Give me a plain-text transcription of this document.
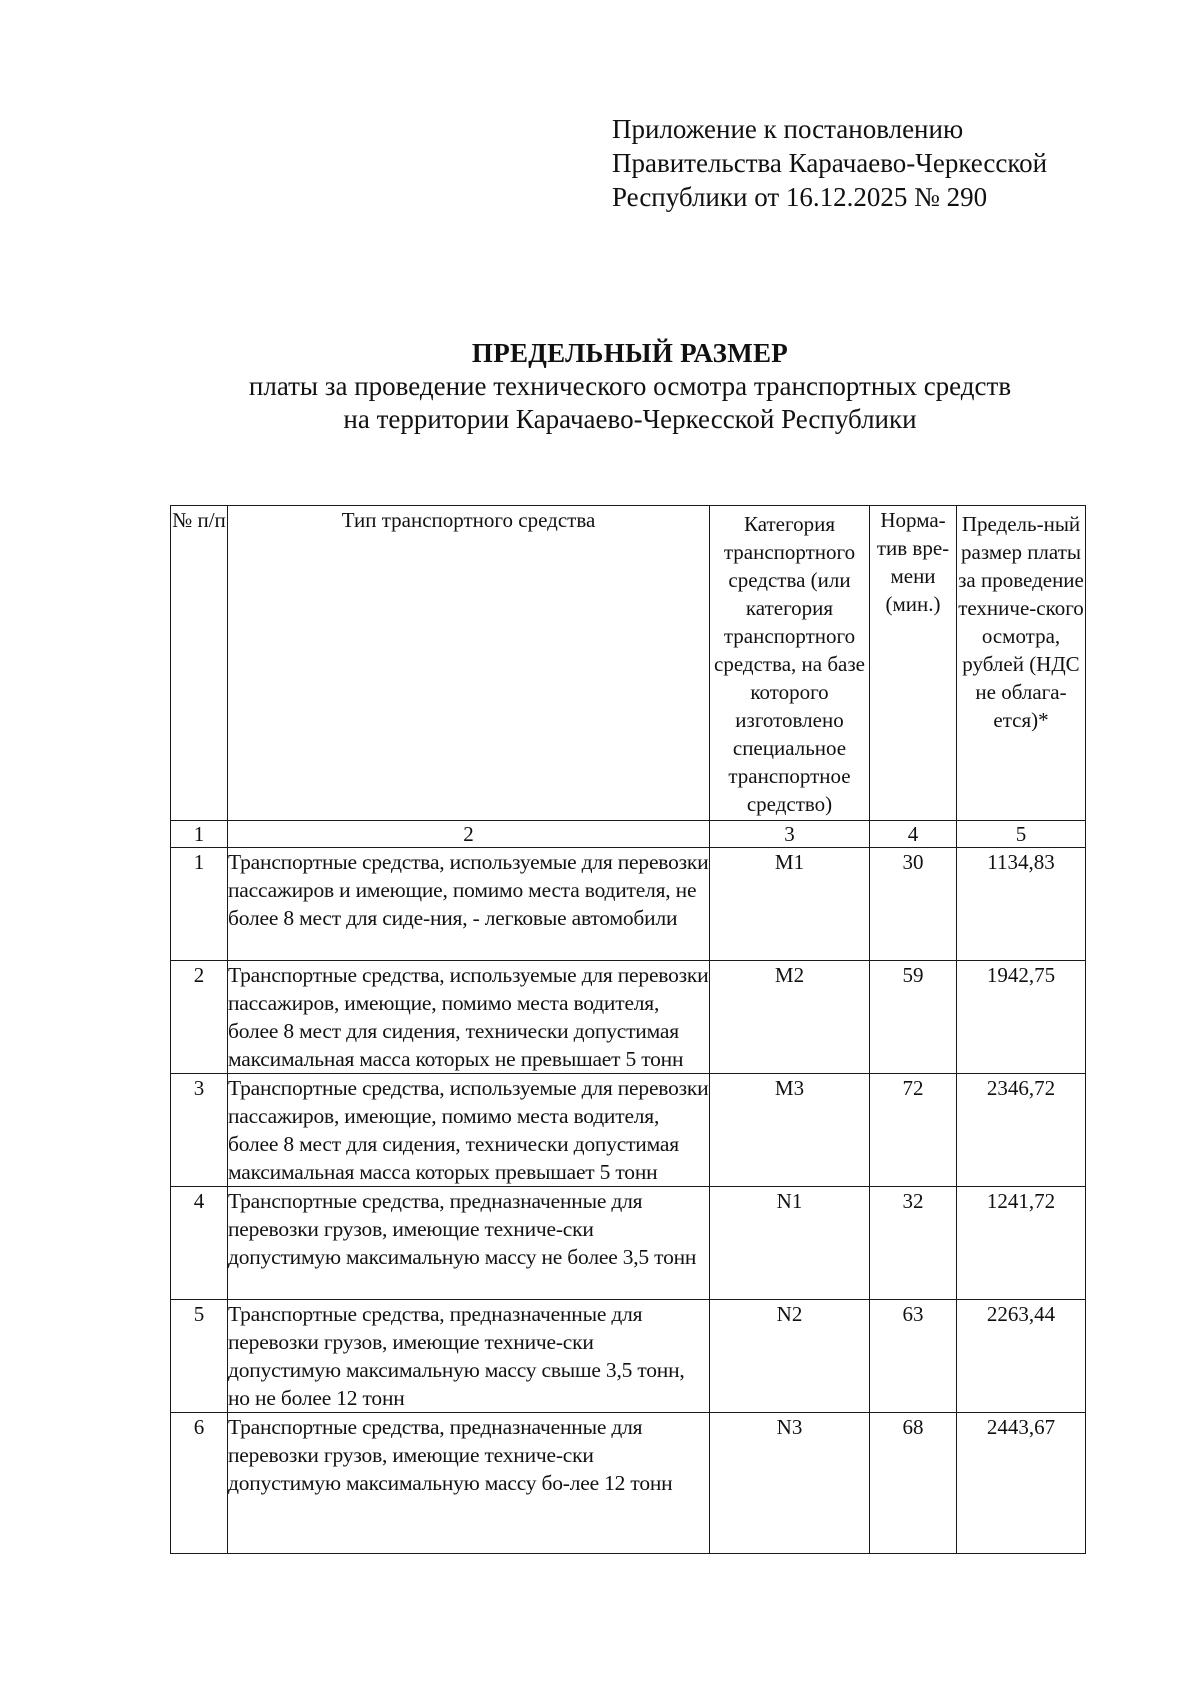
Приложение к постановлению
Правительства Карачаево-Черкесской
Республики от 16.12.2025 № 290
ПРЕДЕЛЬНЫЙ РАЗМЕР
платы за проведение технического осмотра транспортных средств
на территории Карачаево-Черкесской Республики
№ п/п	Тип транспортного средства	Категория транспортного средства (или категория транспортного средства, на базе которого изготовлено специальное транспортное средство)	Норма-тив вре-мени (мин.)	Предель-ный размер платы за проведение техниче-ского осмотра, рублей (НДС не облага-ется)*
1	2	3	4	5
1	Транспортные средства, используемые для перевозки пассажиров и имеющие, помимо места водителя, не более 8 мест для сиде-ния, - легковые автомобили	M1	30	1134,83
2	Транспортные средства, используемые для перевозки пассажиров, имеющие, помимо места водителя, более 8 мест для сидения, технически допустимая максимальная масса которых не превышает 5 тонн	M2	59	1942,75
3	Транспортные средства, используемые для перевозки пассажиров, имеющие, помимо места водителя, более 8 мест для сидения, технически допустимая максимальная масса которых превышает 5 тонн	M3	72	2346,72
4	Транспортные средства, предназначенные для перевозки грузов, имеющие техниче-ски допустимую максимальную массу не более 3,5 тонн	N1	32	1241,72
5	Транспортные средства, предназначенные для перевозки грузов, имеющие техниче-ски допустимую максимальную массу свыше 3,5 тонн, но не более 12 тонн	N2	63	2263,44
6	Транспортные средства, предназначенные для перевозки грузов, имеющие техниче-ски допустимую максимальную массу бо-лее 12 тонн	N3	68	2443,67
